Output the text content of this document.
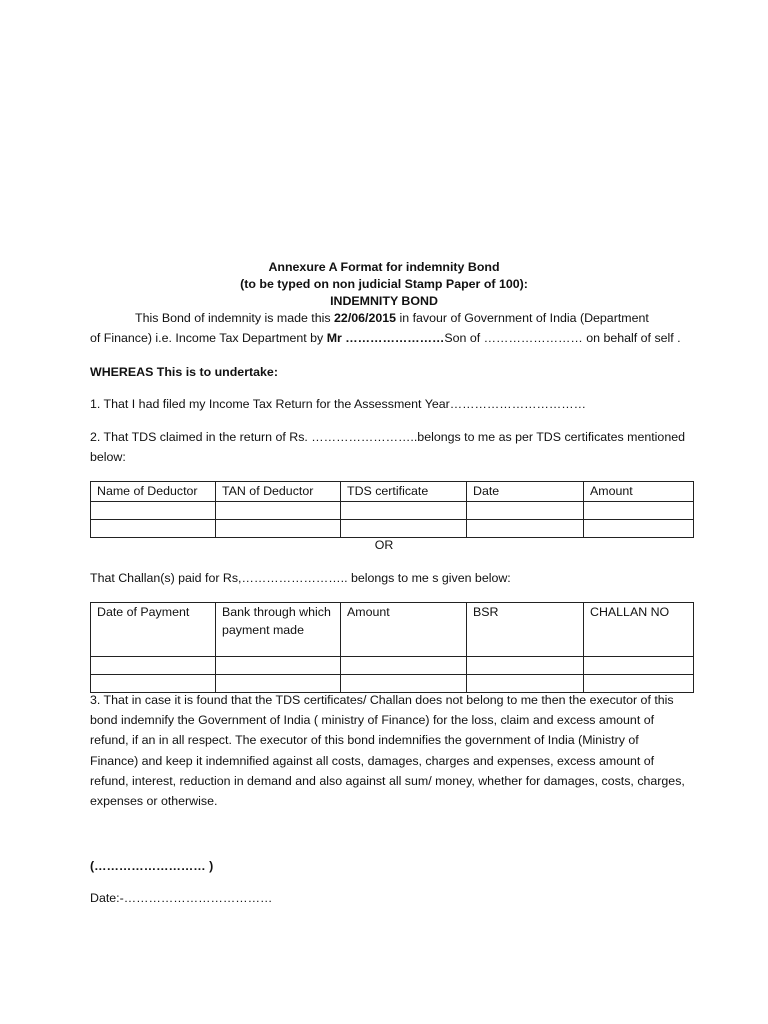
Annexure A Format for indemnity Bond
(to be typed on non judicial Stamp Paper of 100):
INDEMNITY BOND
This Bond of indemnity is made this 22/06/2015 in favour of Government of India (Department
of Finance) i.e. Income Tax Department by Mr ……………………Son of …………………… on behalf of self .
WHEREAS This is to undertake:
1. That I had filed my Income Tax Return for the Assessment Year……………………………
2. That TDS claimed in the return of Rs. ……………………..belongs to me as per TDS certificates mentioned
below:
Name of Deductor	TAN of Deductor	TDS certificate	Date	Amount

OR
That Challan(s) paid for Rs,…………………….. belongs to me s given below:
Date of Payment	Bank through which payment made	Amount	BSR	CHALLAN NO

3. That in case it is found that the TDS certificates/ Challan does not belong to me then the executor of this bond indemnify the Government of India ( ministry of Finance) for the loss, claim and excess amount of refund, if an in all respect. The executor of this bond indemnifies the government of India (Ministry of Finance) and keep it indemnified against all costs, damages, charges and expenses, excess amount of refund, interest, reduction in demand and also against all sum/ money, whether for damages, costs, charges, expenses or otherwise.
(……………………… )
Date:-………………………………
